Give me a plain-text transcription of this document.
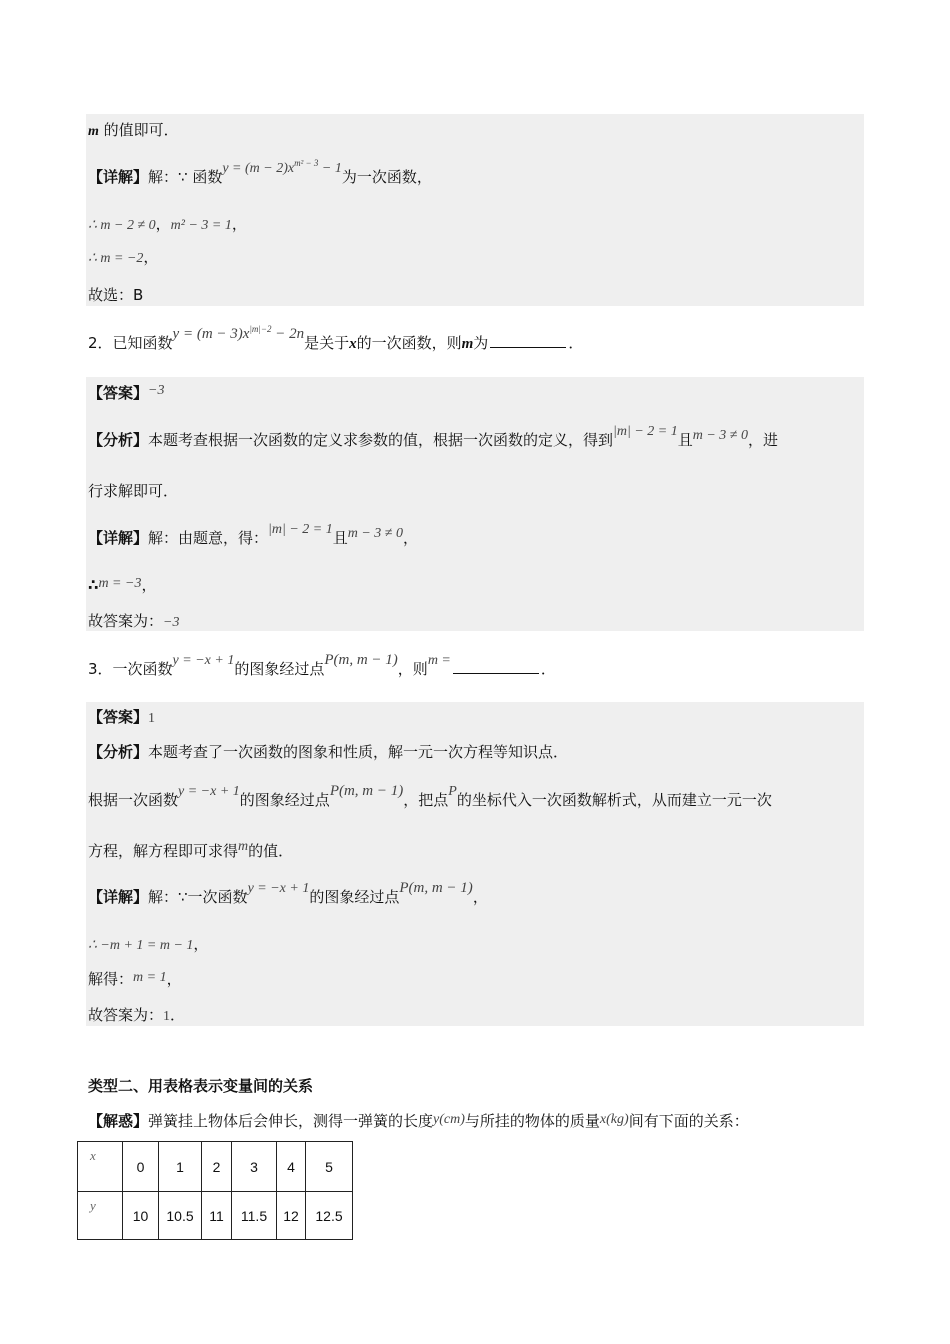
m 的值即可．
【详解】解：∵ 函数$y = (m - 2)x^{m^2 - 3} - 1$为一次函数，
∴ m − 2 ≠ 0，m² − 3 = 1，
∴ m = −2，
故选：B
2．已知函数$y = (m - 3)x^{|m|-2} - 2n$是关于x的一次函数，则m为	．
【答案】−3
【分析】本题考查根据一次函数的定义求参数的值，根据一次函数的定义，得到|m| − 2 = 1且m − 3 ≠ 0，进
行求解即可．
【详解】解：由题意，得：|m| − 2 = 1且m − 3 ≠ 0，
∴m = −3，
故答案为：−3
3．一次函数y = −x + 1的图象经过点P(m, m − 1)，则m =	．
【答案】1
【分析】本题考查了一次函数的图象和性质，解一元一次方程等知识点．
根据一次函数y = −x + 1的图象经过点P(m, m − 1)，把点P的坐标代入一次函数解析式，从而建立一元一次
方程，解方程即可求得m的值．
【详解】解：∵一次函数y = −x + 1的图象经过点P(m, m − 1)，
∴ −m + 1 = m − 1，
解得：m = 1，
故答案为：1．
类型二、用表格表示变量间的关系
【解惑】弹簧挂上物体后会伸长，测得一弹簧的长度y(cm)与所挂的物体的质量x(kg)间有下面的关系：
x	0	1	2	3	4	5
y	10	10.5	11	11.5	12	12.5
